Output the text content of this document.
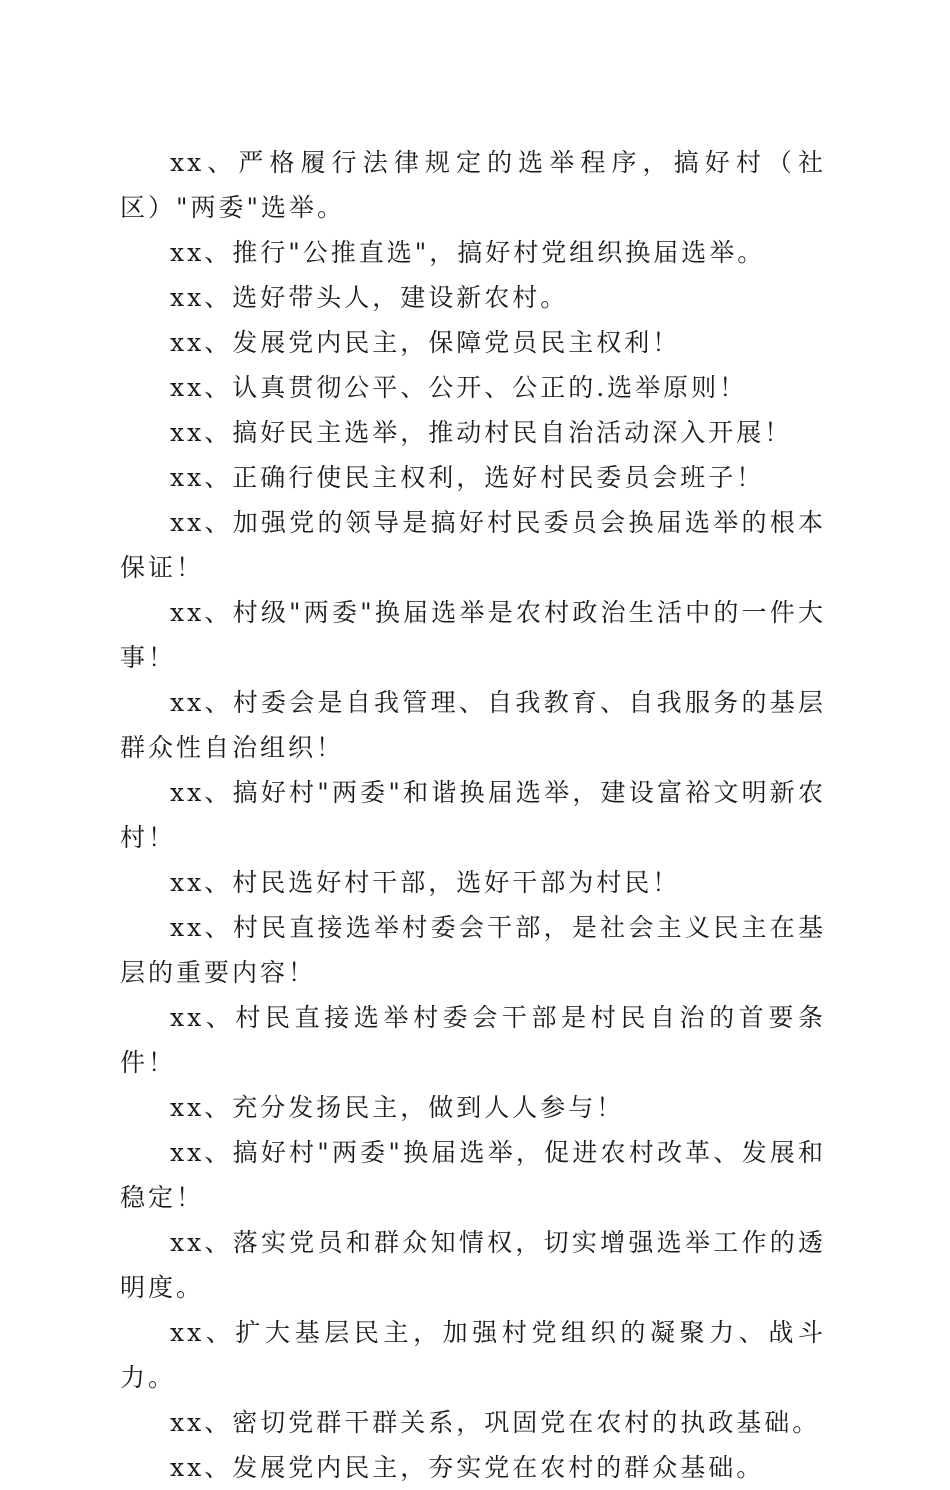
xx、严格履行法律规定的选举程序，搞好村（社区）"两委"选举。

xx、推行"公推直选"，搞好村党组织换届选举。

xx、选好带头人，建设新农村。

xx、发展党内民主，保障党员民主权利！

xx、认真贯彻公平、公开、公正的.选举原则！

xx、搞好民主选举，推动村民自治活动深入开展！

xx、正确行使民主权利，选好村民委员会班子！

xx、加强党的领导是搞好村民委员会换届选举的根本保证！

xx、村级"两委"换届选举是农村政治生活中的一件大事！

xx、村委会是自我管理、自我教育、自我服务的基层群众性自治组织！

xx、搞好村"两委"和谐换届选举，建设富裕文明新农村！

xx、村民选好村干部，选好干部为村民！

xx、村民直接选举村委会干部，是社会主义民主在基层的重要内容！

xx、村民直接选举村委会干部是村民自治的首要条件！

xx、充分发扬民主，做到人人参与！

xx、搞好村"两委"换届选举，促进农村改革、发展和稳定！

xx、落实党员和群众知情权，切实增强选举工作的透明度。

xx、扩大基层民主，加强村党组织的凝聚力、战斗力。

xx、密切党群干群关系，巩固党在农村的执政基础。

xx、发展党内民主，夯实党在农村的群众基础。
